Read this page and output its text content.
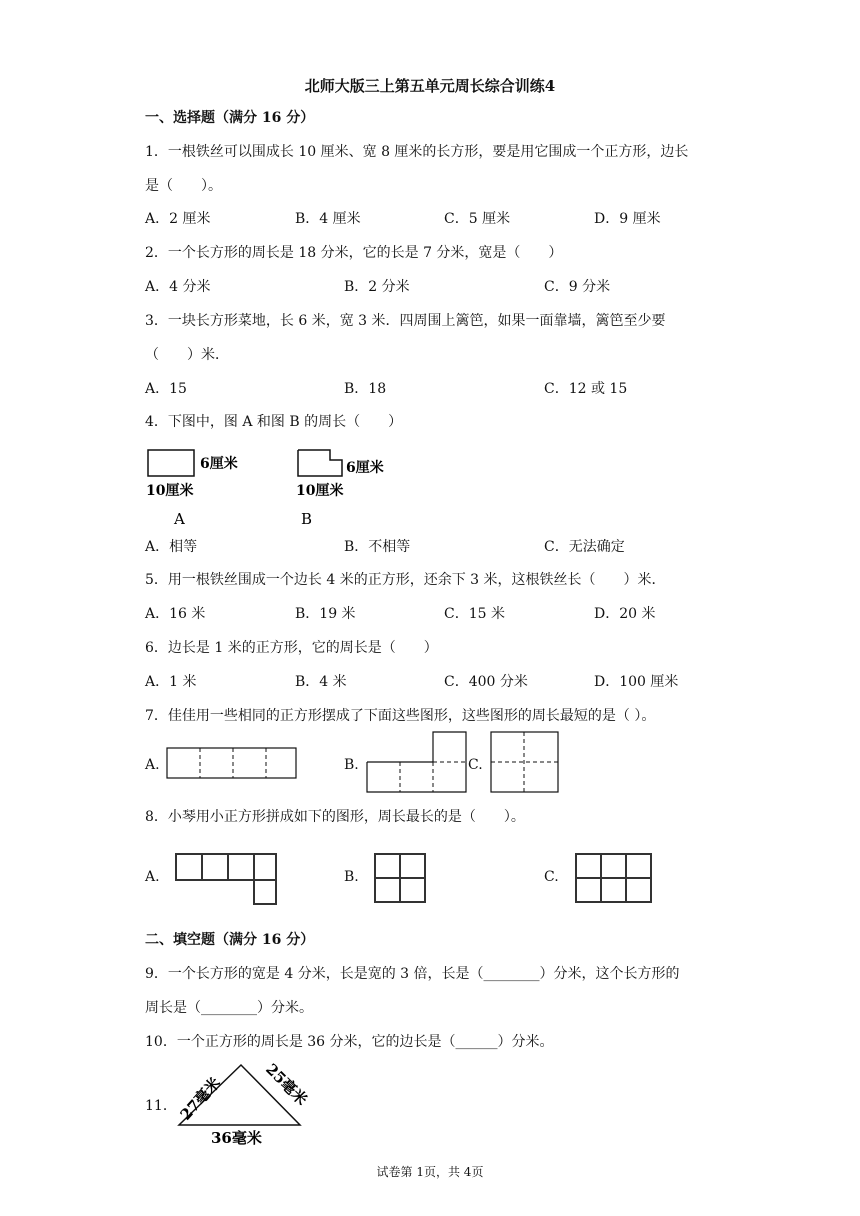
北师大版三上第五单元周长综合训练4
一、选择题（满分 16 分）
1．一根铁丝可以围成长 10 厘米、宽 8 厘米的长方形，要是用它围成一个正方形，边长
是（　　）。
A．2 厘米	B．4 厘米	C．5 厘米	D．9 厘米
2．一个长方形的周长是 18 分米，它的长是 7 分米，宽是（　　）
A．4 分米	B．2 分米	C．9 分米
3．一块长方形菜地，长 6 米，宽 3 米．四周围上篱笆，如果一面靠墙，篱笆至少要
（　　）米．
A．15	B．18	C．12 或 15
4．下图中，图 A 和图 B 的周长（　　）
6厘米
10厘米
A
6厘米
10厘米
B
A．相等	B．不相等	C．无法确定
5．用一根铁丝围成一个边长 4 米的正方形，还余下 3 米，这根铁丝长（　　）米．
A．16 米	B．19 米	C．15 米	D．20 米
6．边长是 1 米的正方形，它的周长是（　　）
A．1 米	B．4 米	C．400 分米	D．100 厘米
7．佳佳用一些相同的正方形摆成了下面这些图形，这些图形的周长最短的是（ ）。
A.	B.	C.
8．小琴用小正方形拼成如下的图形，周长最长的是（　　）。
A.	B.	C.
二、填空题（满分 16 分）
9．一个长方形的宽是 4 分米，长是宽的 3 倍，长是（________）分米，这个长方形的
周长是（________）分米。
10．一个正方形的周长是 36 分米，它的边长是（______）分米。
11． 27毫米	25毫米
36毫米
试卷第 1页，共 4页
